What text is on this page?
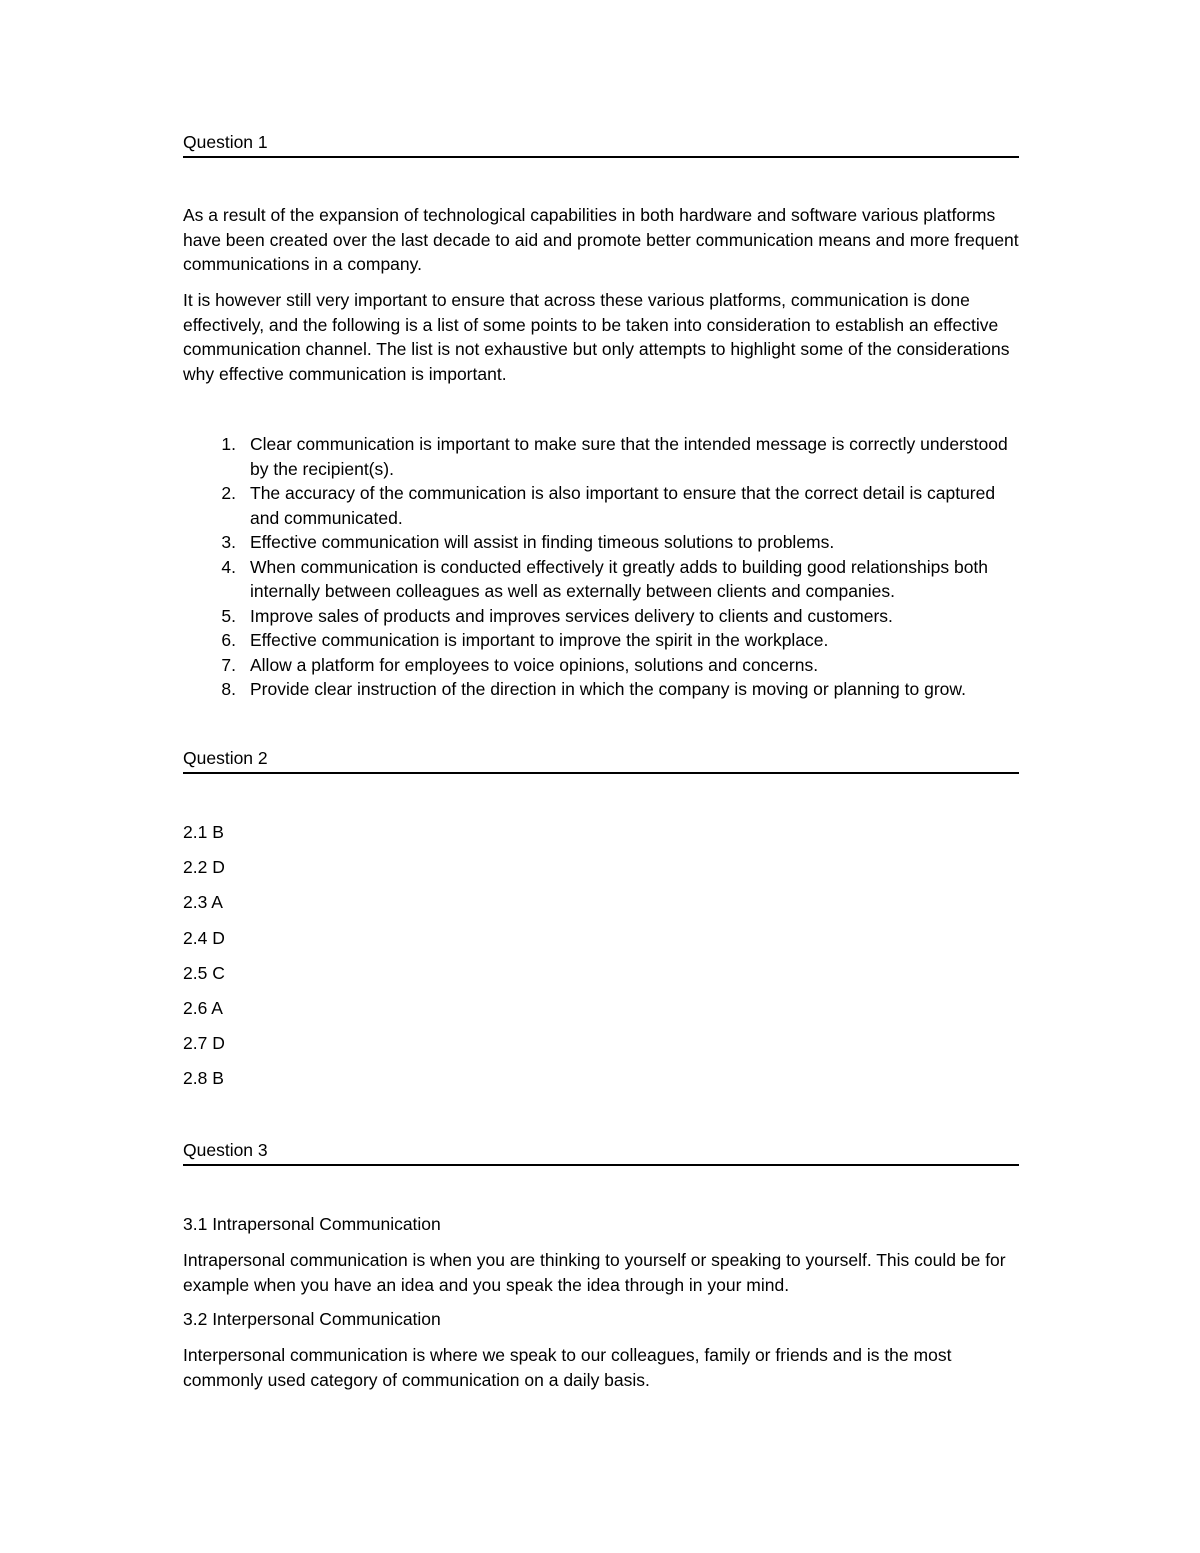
Question 1

As a result of the expansion of technological capabilities in both hardware and software various platforms have been created over the last decade to aid and promote better communication means and more frequent communications in a company.

It is however still very important to ensure that across these various platforms, communication is done effectively, and the following is a list of some points to be taken into consideration to establish an effective communication channel. The list is not exhaustive but only attempts to highlight some of the considerations why effective communication is important.

1. Clear communication is important to make sure that the intended message is correctly understood by the recipient(s).
2. The accuracy of the communication is also important to ensure that the correct detail is captured and communicated.
3. Effective communication will assist in finding timeous solutions to problems.
4. When communication is conducted effectively it greatly adds to building good relationships both internally between colleagues as well as externally between clients and companies.
5. Improve sales of products and improves services delivery to clients and customers.
6. Effective communication is important to improve the spirit in the workplace.
7. Allow a platform for employees to voice opinions, solutions and concerns.
8. Provide clear instruction of the direction in which the company is moving or planning to grow.
Question 2
2.1 B
2.2 D
2.3 A
2.4 D
2.5 C
2.6 A
2.7 D
2.8 B
Question 3
3.1 Intrapersonal Communication

Intrapersonal communication is when you are thinking to yourself or speaking to yourself. This could be for example when you have an idea and you speak the idea through in your mind.

3.2 Interpersonal Communication

Interpersonal communication is where we speak to our colleagues, family or friends and is the most commonly used category of communication on a daily basis.
